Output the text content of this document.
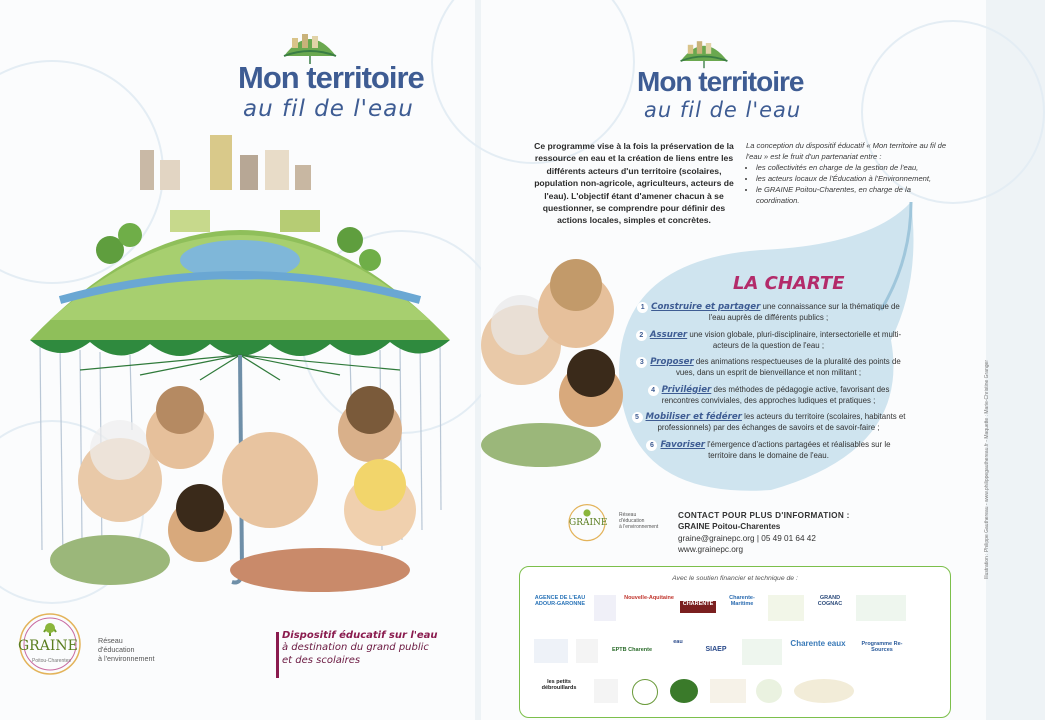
Mon territoire
au fil de l'eau
Dispositif éducatif sur l'eau
à destination du grand public
et des scolaires
GRAINE
Poitou-Charentes
Réseau
d'éducation
à l'environnement
Mon territoire
au fil de l'eau
Ce programme vise à la fois la préservation de la ressource en eau et la création de liens entre les différents acteurs d'un territoire (scolaires, population non-agricole, agriculteurs, acteurs de l'eau). L'objectif étant d'amener chacun à se questionner, se comprendre pour définir des actions locales, simples et concrètes.
La conception du dispositif éducatif « Mon territoire au fil de l'eau » est le fruit d'un partenariat entre :
• les collectivités en charge de la gestion de l'eau,
• les acteurs locaux de l'Éducation à l'Environnement,
• le GRAINE Poitou-Charentes, en charge de la coordination.
LA CHARTE
1 Construire et partager une connaissance sur la thématique de l'eau auprès de différents publics ;
2 Assurer une vision globale, pluri-disciplinaire, intersectorielle et multi-acteurs de la question de l'eau ;
3 Proposer des animations respectueuses de la pluralité des points de vues, dans un esprit de bienveillance et non militant ;
4 Privilégier des méthodes de pédagogie active, favorisant des rencontres conviviales, des approches ludiques et pratiques ;
5 Mobiliser et fédérer les acteurs du territoire (scolaires, habitants et professionnels) par des échanges de savoirs et de savoir-faire ;
6 Favoriser l'émergence d'actions partagées et réalisables sur le territoire dans le domaine de l'eau.
GRAINE
Réseau
d'éducation
à l'environnement
CONTACT POUR PLUS D'INFORMATION :
GRAINE Poitou-Charentes
graine@grainepc.org | 05 49 01 64 42
www.grainepc.org
Avec le soutien financier et technique de :
AGENCE DE L'EAU ADOUR-GARONNE
Nouvelle-Aquitaine
CHARENTE
Charente-Maritime
GRAND COGNAC
EPTB Charente
eau
SIAEP
Charente eaux	Programme Re-Sources
les petits débrouillards
Illustration : Philippe Gauthereau - www.philippegauthereau.fr - Maquette : Marie-Christine Granger
